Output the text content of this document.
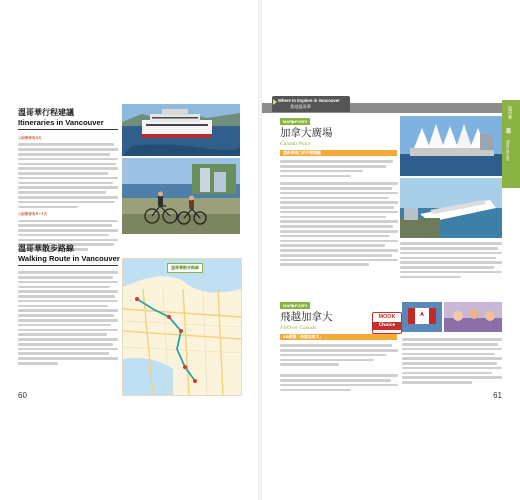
溫哥華行程建議
Itineraries in Vancouver
◎如果你有3天
◎如果你有5~7天
溫哥華散步路線
Walking Route in Vancouver
溫哥華散步路線
60
Where to Explore in Vancouver
賞遊溫哥華	溫哥華
溫
Vancouver
MAP▶P.33F2
加拿大廣場
Canada Place
溫哥華港口的不動遊艇
MAP▶P.33F2
飛越加拿大
FlyOver Canada
MOOK
Choice
4D模擬「飛越加拿大」
61
